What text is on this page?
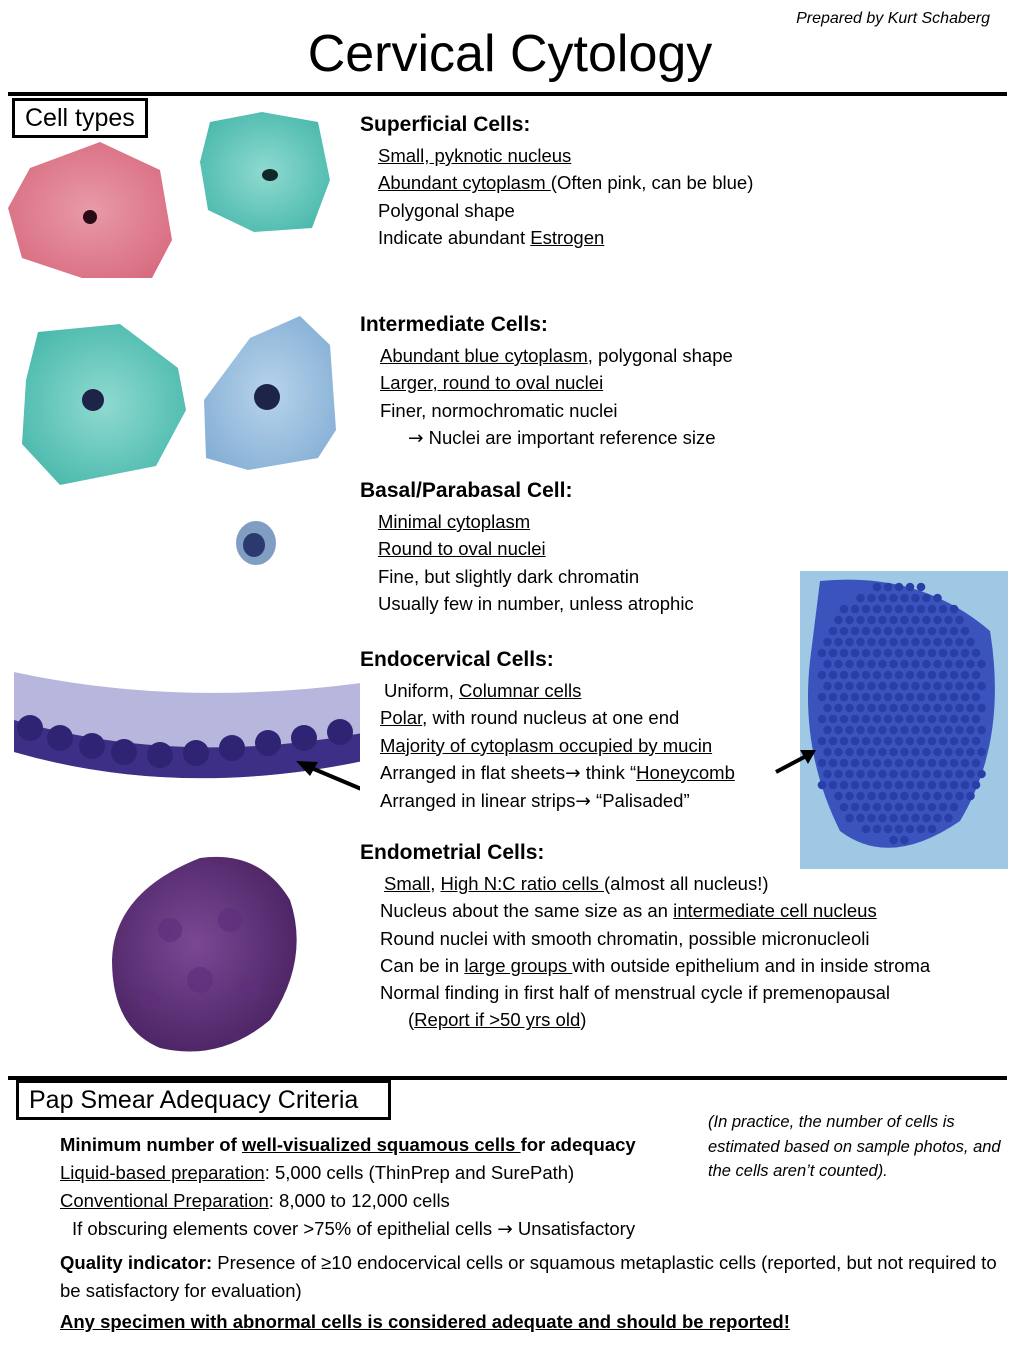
Prepared by Kurt Schaberg
Cervical Cytology
Cell types	Superficial Cells:
Small, pyknotic nucleus
Abundant cytoplasm (Often pink, can be blue)
Polygonal shape
Indicate abundant Estrogen
Intermediate Cells:
Abundant blue cytoplasm, polygonal shape
Larger, round to oval nuclei
Finer, normochromatic nuclei
→ Nuclei are important reference size
Basal/Parabasal Cell:
Minimal cytoplasm
Round to oval nuclei
Fine, but slightly dark chromatin
Usually few in number, unless atrophic
Endocervical Cells:
Uniform, Columnar cells
Polar, with round nucleus at one end
Majority of cytoplasm occupied by mucin
Arranged in flat sheets→ think “Honeycomb
Arranged in linear strips→ “Palisaded”
Endometrial Cells:
Small, High N:C ratio cells (almost all nucleus!)
Nucleus about the same size as an intermediate cell nucleus
Round nuclei with smooth chromatin, possible micronucleoli
Can be in large groups with outside epithelium and in inside stroma
Normal finding in first half of menstrual cycle if premenopausal
(Report if >50 yrs old)
Pap Smear Adequacy Criteria
Minimum number of well-visualized squamous cells for adequacy
Liquid-based preparation: 5,000 cells (ThinPrep and SurePath)
Conventional Preparation: 8,000 to 12,000 cells
If obscuring elements cover >75% of epithelial cells → Unsatisfactory
(In practice, the number of cells is estimated based on sample photos, and the cells aren’t counted).
Quality indicator: Presence of ≥10 endocervical cells or squamous metaplastic cells (reported, but not required to be satisfactory for evaluation)
Any specimen with abnormal cells is considered adequate and should be reported!
